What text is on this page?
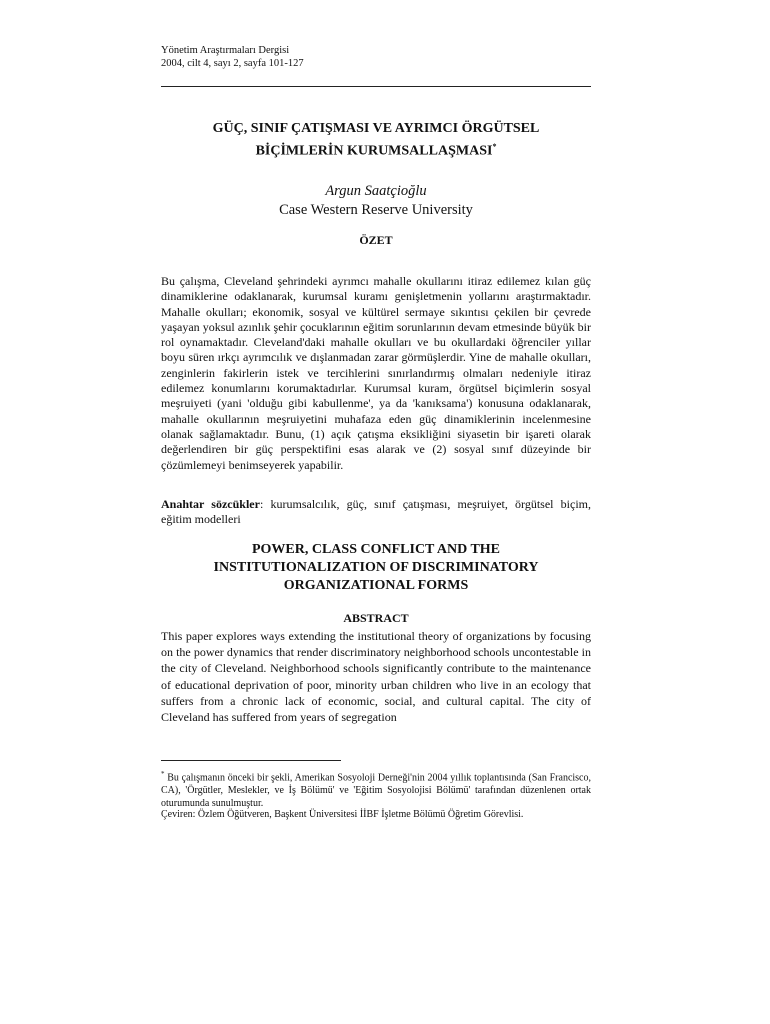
Yönetim Araştırmaları Dergisi
2004, cilt 4, sayı 2, sayfa 101-127
GÜÇ, SINIF ÇATIŞMASI VE AYRIMCI ÖRGÜTSEL
BİÇİMLERİN KURUMSALLAŞMASI*
Argun Saatçioğlu
Case Western Reserve University
ÖZET

Bu çalışma, Cleveland şehrindeki ayrımcı mahalle okullarını itiraz edilemez kılan güç dinamiklerine odaklanarak, kurumsal kuramı genişletmenin yollarını araştırmaktadır. Mahalle okulları; ekonomik, sosyal ve kültürel sermaye sıkıntısı çekilen bir çevrede yaşayan yoksul azınlık şehir çocuklarının eğitim sorunlarının devam etmesinde büyük bir rol oynamaktadır. Cleveland'daki mahalle okulları ve bu okullardaki öğrenciler yıllar boyu süren ırkçı ayrımcılık ve dışlanmadan zarar görmüşlerdir. Yine de mahalle okulları, zenginlerin fakirlerin istek ve tercihlerini sınırlandırmış olmaları nedeniyle itiraz edilemez konumlarını korumaktadırlar. Kurumsal kuram, örgütsel biçimlerin sosyal meşruiyeti (yani 'olduğu gibi kabullenme', ya da 'kanıksama') konusuna odaklanarak, mahalle okullarının meşruiyetini muhafaza eden güç dinamiklerinin incelenmesine olanak sağlamaktadır. Bunu, (1) açık çatışma eksikliğini siyasetin bir işareti olarak değerlendiren bir güç perspektifini esas alarak ve (2) sosyal sınıf düzeyinde bir çözümlemeyi benimseyerek yapabilir.

Anahtar sözcükler: kurumsalcılık, güç, sınıf çatışması, meşruiyet, örgütsel biçim, eğitim modelleri

POWER, CLASS CONFLICT AND THE
INSTITUTIONALIZATION OF DISCRIMINATORY
ORGANIZATIONAL FORMS
ABSTRACT

This paper explores ways extending the institutional theory of organizations by focusing on the power dynamics that render discriminatory neighborhood schools uncontestable in the city of Cleveland. Neighborhood schools significantly contribute to the maintenance of educational deprivation of poor, minority urban children who live in an ecology that suffers from a chronic lack of economic, social, and cultural capital. The city of Cleveland has suffered from years of segregation

* Bu çalışmanın önceki bir şekli, Amerikan Sosyoloji Derneği'nin 2004 yıllık toplantısında (San Francisco, CA), 'Örgütler, Meslekler, ve İş Bölümü' ve 'Eğitim Sosyolojisi Bölümü' tarafından düzenlenen ortak oturumunda sunulmuştur.

Çeviren: Özlem Öğütveren, Başkent Üniversitesi İİBF İşletme Bölümü Öğretim Görevlisi.
